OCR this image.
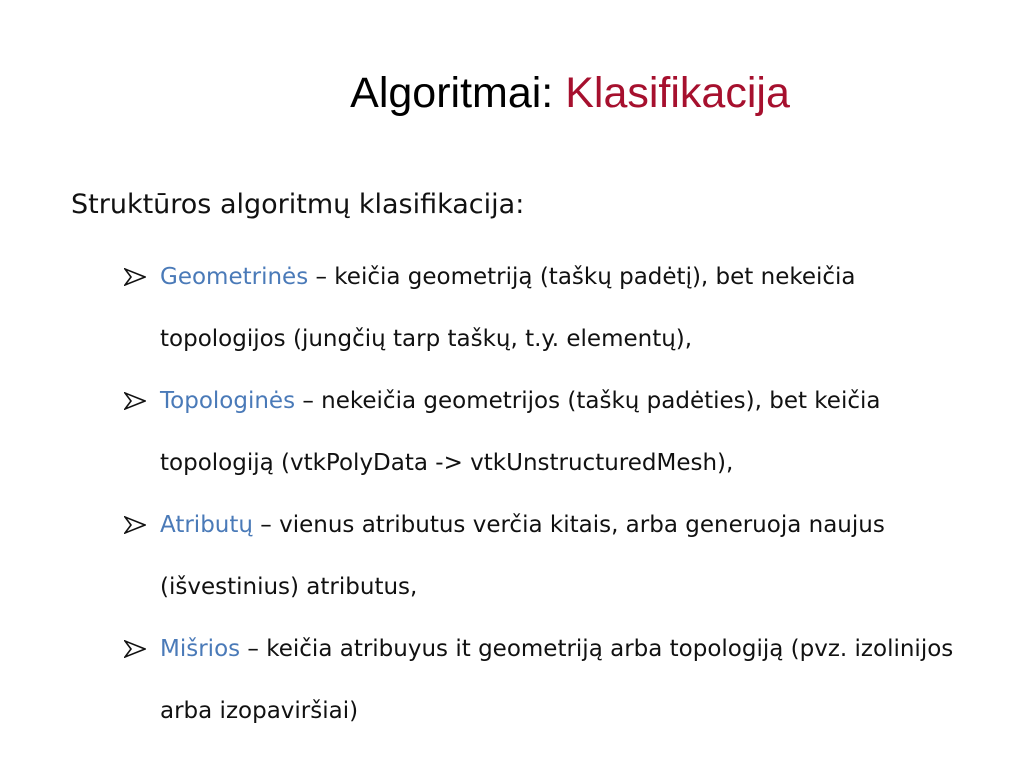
Algoritmai: Klasifikacija
Struktūros algoritmų klasifikacija:
Geometrinės – keičia geometriją (taškų padėtį), bet nekeičia topologijos (jungčių tarp taškų, t.y. elementų),
Topologinės – nekeičia geometrijos (taškų padėties), bet keičia topologiją (vtkPolyData -> vtkUnstructuredMesh),
Atributų – vienus atributus verčia kitais, arba generuoja naujus (išvestinius) atributus,
Mišrios – keičia atribuyus it geometriją arba topologiją (pvz. izolinijos arba izopaviršiai)
